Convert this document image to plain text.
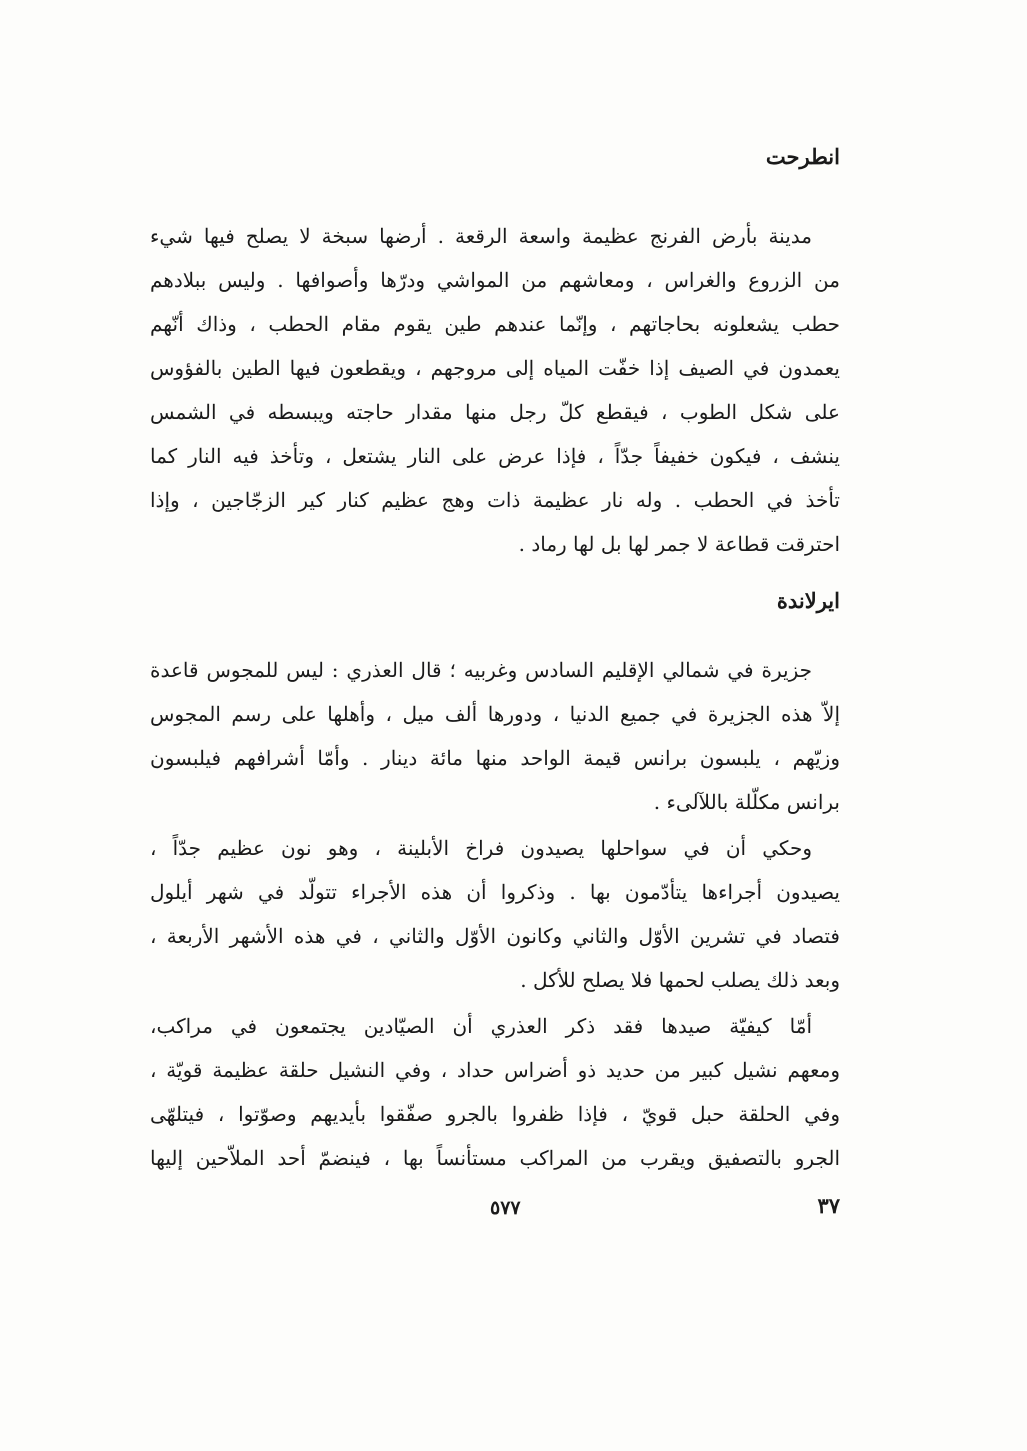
انطرحت
مدينة بأرض الفرنج عظيمة واسعة الرقعة . أرضها سبخة لا يصلح فيها شيء
من الزروع والغراس ، ومعاشهم من المواشي ودرّها وأصوافها . وليس ببلادهم
حطب يشعلونه بحاجاتهم ، وإنّما عندهم طين يقوم مقام الحطب ، وذاك أنّهم
يعمدون في الصيف إذا خفّت المياه إلى مروجهم ، ويقطعون فيها الطين بالفؤوس
على شكل الطوب ، فيقطع كلّ رجل منها مقدار حاجته ويبسطه في الشمس
ينشف ، فيكون خفيفاً جدّاً ، فإذا عرض على النار يشتعل ، وتأخذ فيه النار كما
تأخذ في الحطب . وله نار عظيمة ذات وهج عظيم كنار كير الزجّاجين ، وإذا
احترقت قطاعة لا جمر لها بل لها رماد .
ايرلاندة
جزيرة في شمالي الإقليم السادس وغربيه ؛ قال العذري : ليس للمجوس قاعدة
إلاّ هذه الجزيرة في جميع الدنيا ، ودورها ألف ميل ، وأهلها على رسم المجوس
وزيّهم ، يلبسون برانس قيمة الواحد منها مائة دينار . وأمّا أشرافهم فيلبسون
برانس مكلّلة باللآلىء .
وحكي أن في سواحلها يصيدون فراخ الأبلينة ، وهو نون عظيم جدّاً ،
يصيدون أجراءها يتأدّمون بها . وذكروا أن هذه الأجراء تتولّد في شهر أيلول
فتصاد في تشرين الأوّل والثاني وكانون الأوّل والثاني ، في هذه الأشهر الأربعة ،
وبعد ذلك يصلب لحمها فلا يصلح للأكل .
أمّا كيفيّة صيدها فقد ذكر العذري أن الصيّادين يجتمعون في مراكب،
ومعهم نشيل كبير من حديد ذو أضراس حداد ، وفي النشيل حلقة عظيمة قويّة ،
وفي الحلقة حبل قويّ ، فإذا ظفروا بالجرو صفّقوا بأيديهم وصوّتوا ، فيتلهّى
الجرو بالتصفيق ويقرب من المراكب مستأنساً بها ، فينضمّ أحد الملاّحين إليها
٥٧٧	٣٧
